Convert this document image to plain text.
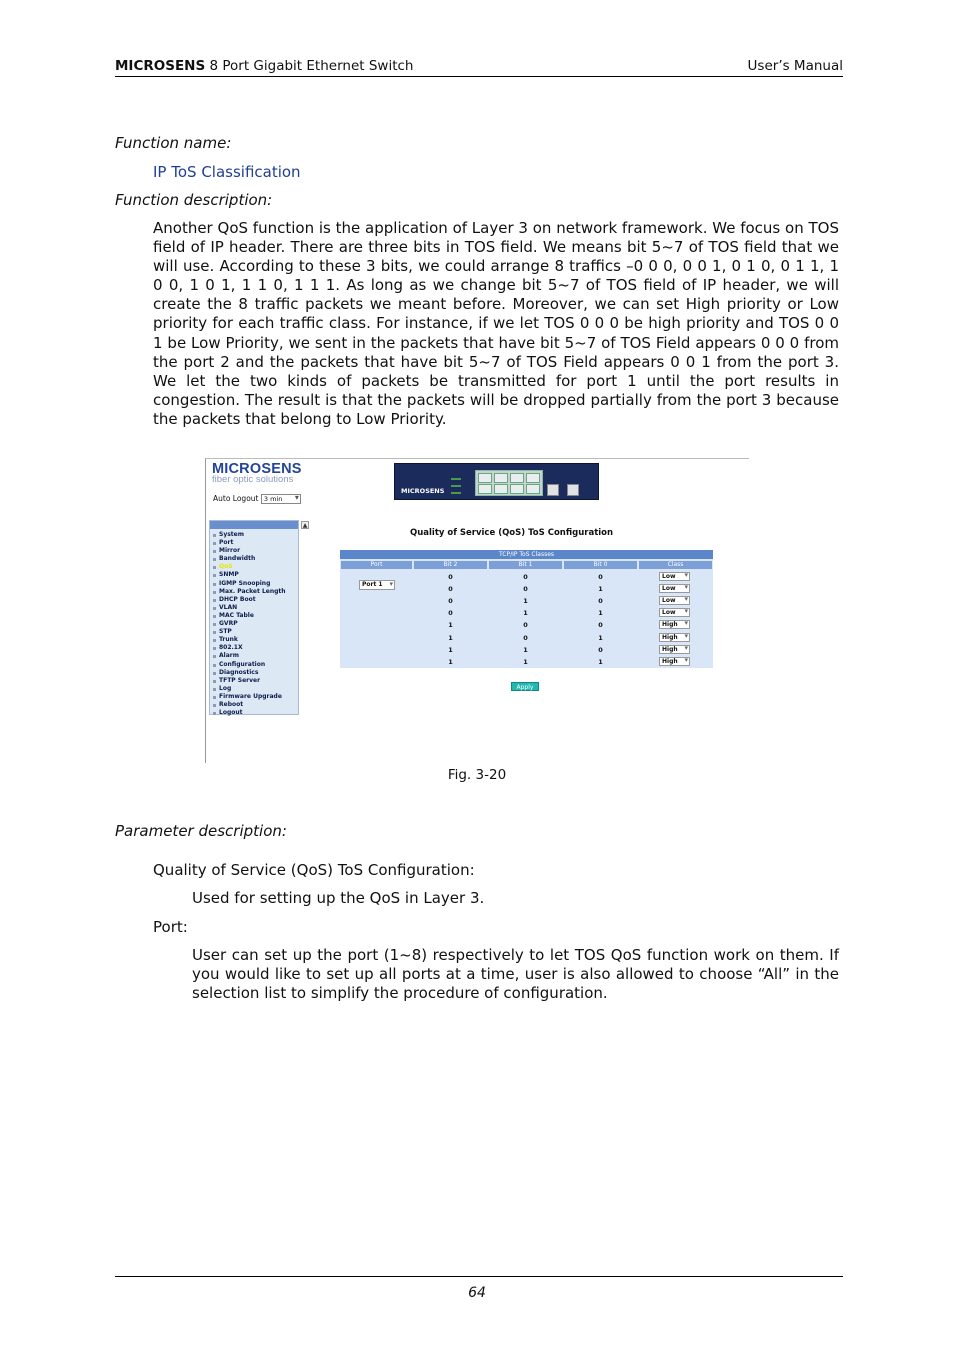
MICROSENS 8 Port Gigabit Ethernet Switch	User’s Manual
Function name:
IP ToS Classification
Function description:
Another QoS function is the application of Layer 3 on network framework. We focus on TOS field of IP header. There are three bits in TOS field. We means bit 5~7 of TOS field that we will use. According to these 3 bits, we could arrange 8 traffics –0 0 0, 0 0 1, 0 1 0, 0 1 1, 1 0 0, 1 0 1, 1 1 0, 1 1 1. As long as we change bit 5~7 of TOS field of IP header, we will create the 8 traffic packets we meant before. Moreover, we can set High priority or Low priority for each traffic class. For instance, if we let TOS 0 0 0 be high priority and TOS 0 0 1 be Low Priority, we sent in the packets that have bit 5~7 of TOS Field appears 0 0 0 from the port 2 and the packets that have bit 5~7 of TOS Field appears 0 0 1 from the port 3. We let the two kinds of packets be transmitted for port 1 until the port results in congestion. The result is that the packets will be dropped partially from the port 3 because the packets that belong to Low Priority.
MICROSENS
fiber optic solutions
Auto Logout 3 min ▾
MICROSENS
System
Port
Mirror
Bandwidth
QoS
SNMP
IGMP Snooping
Max. Packet Length
DHCP Boot
VLAN
MAC Table
GVRP
STP
Trunk
802.1X
Alarm
Configuration
Diagnostics
TFTP Server
Log
Firmware Upgrade
Reboot
Logout
▲
Quality of Service (QoS) ToS Configuration
TCP/IP ToS Classes
Port	Bit 2	Bit 1	Bit 0	Class
Port 1 ▾
0	0	0	Low ▾
0	0	1	Low ▾
0	1	0	Low ▾
0	1	1	Low ▾
1	0	0	High ▾
1	0	1	High ▾
1	1	0	High ▾
1	1	1	High ▾
Apply
Fig. 3-20
Parameter description:
Quality of Service (QoS) ToS Configuration:
Used for setting up the QoS in Layer 3.
Port:
User can set up the port (1~8) respectively to let TOS QoS function work on them. If you would like to set up all ports at a time, user is also allowed to choose “All” in the selection list to simplify the procedure of configuration.
64
